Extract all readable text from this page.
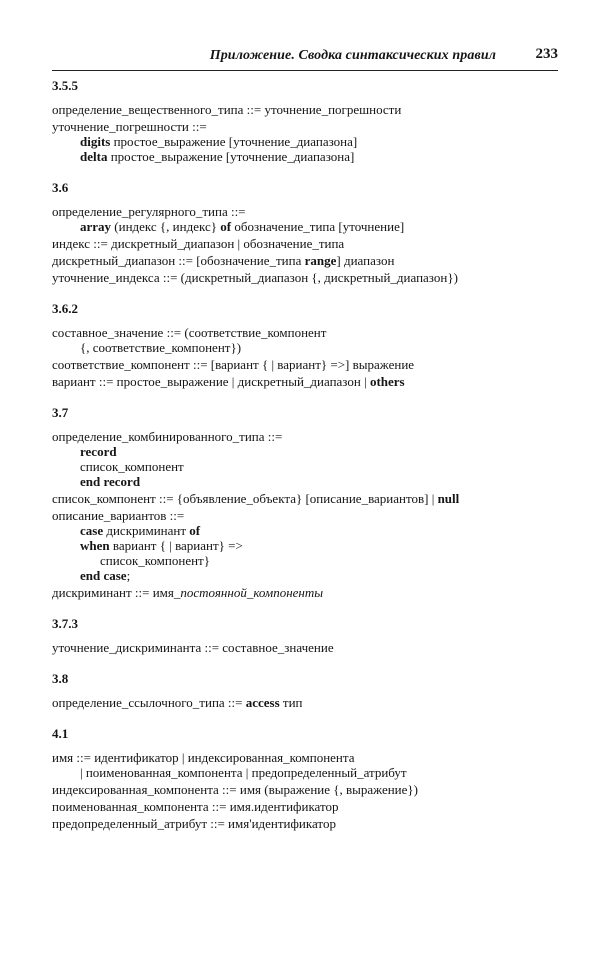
Приложение. Сводка синтаксических правил	233
3.5.5
определение_вещественного_типа ::= уточнение_погрешности
уточнение_погрешности ::=
digits простое_выражение [уточнение_диапазона]
delta простое_выражение [уточнение_диапазона]
3.6
определение_регулярного_типа ::=
array (индекс {, индекс} of обозначение_типа [уточнение]
индекс ::= дискретный_диапазон | обозначение_типа
дискретный_диапазон ::= [обозначение_типа range] диапазон
уточнение_индекса ::= (дискретный_диапазон {, дискретный_диапазон})
3.6.2
составное_значение ::= (соответствие_компонент
{, соответствие_компонент})
соответствие_компонент ::= [вариант { | вариант} =>] выражение
вариант ::= простое_выражение | дискретный_диапазон | others
3.7
определение_комбинированного_типа ::=
record
список_компонент
end record
список_компонент ::= {объявление_объекта} [описание_вариантов] | null
описание_вариантов ::=
case дискриминант of
when вариант { | вариант} =>
список_компонент}
end case;
дискриминант ::= имя_постоянной_компоненты
3.7.3
уточнение_дискриминанта ::= составное_значение
3.8
определение_ссылочного_типа ::= access тип
4.1
имя ::= идентификатор | индексированная_компонента
| поименованная_компонента | предопределенный_атрибут
индексированная_компонента ::= имя (выражение {, выражение})
поименованная_компонента ::= имя.идентификатор
предопределенный_атрибут ::= имя'идентификатор
